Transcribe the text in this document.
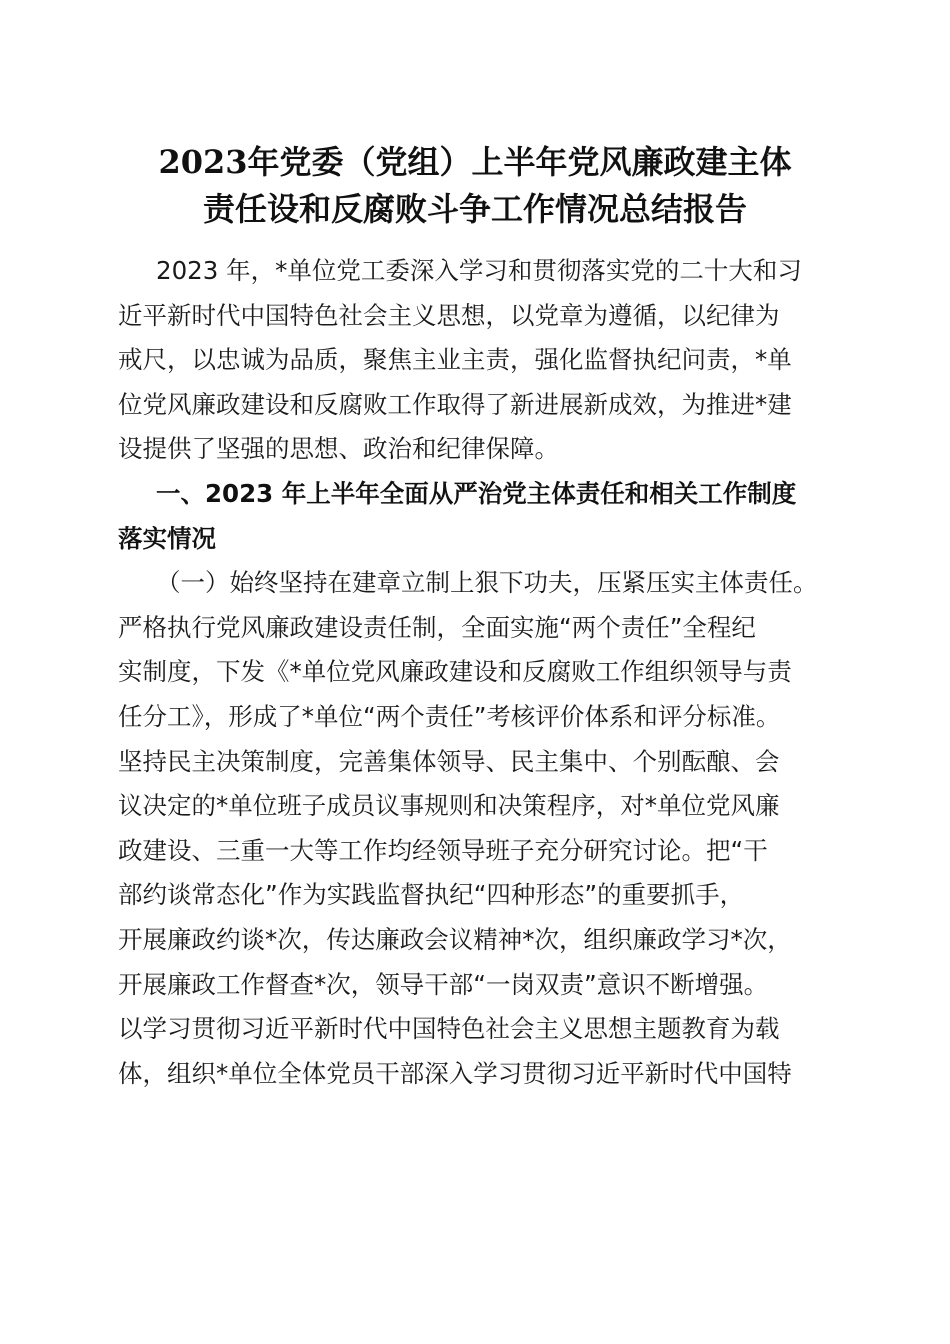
2023年党委（党组）上半年党风廉政建主体
责任设和反腐败斗争工作情况总结报告
2023 年，*单位党工委深入学习和贯彻落实党的二十大和习
近平新时代中国特色社会主义思想，以党章为遵循，以纪律为
戒尺，以忠诚为品质，聚焦主业主责，强化监督执纪问责，*单
位党风廉政建设和反腐败工作取得了新进展新成效，为推进*建
设提供了坚强的思想、政治和纪律保障。
一、2023 年上半年全面从严治党主体责任和相关工作制度
落实情况
（一）始终坚持在建章立制上狠下功夫，压紧压实主体责任。
严格执行党风廉政建设责任制，全面实施“两个责任”全程纪
实制度，下发《*单位党风廉政建设和反腐败工作组织领导与责
任分工》，形成了*单位“两个责任”考核评价体系和评分标准。
坚持民主决策制度，完善集体领导、民主集中、个别酝酿、会
议决定的*单位班子成员议事规则和决策程序，对*单位党风廉
政建设、三重一大等工作均经领导班子充分研究讨论。把“干
部约谈常态化”作为实践监督执纪“四种形态”的重要抓手，
开展廉政约谈*次，传达廉政会议精神*次，组织廉政学习*次，
开展廉政工作督查*次，领导干部“一岗双责”意识不断增强。
以学习贯彻习近平新时代中国特色社会主义思想主题教育为载
体，组织*单位全体党员干部深入学习贯彻习近平新时代中国特
